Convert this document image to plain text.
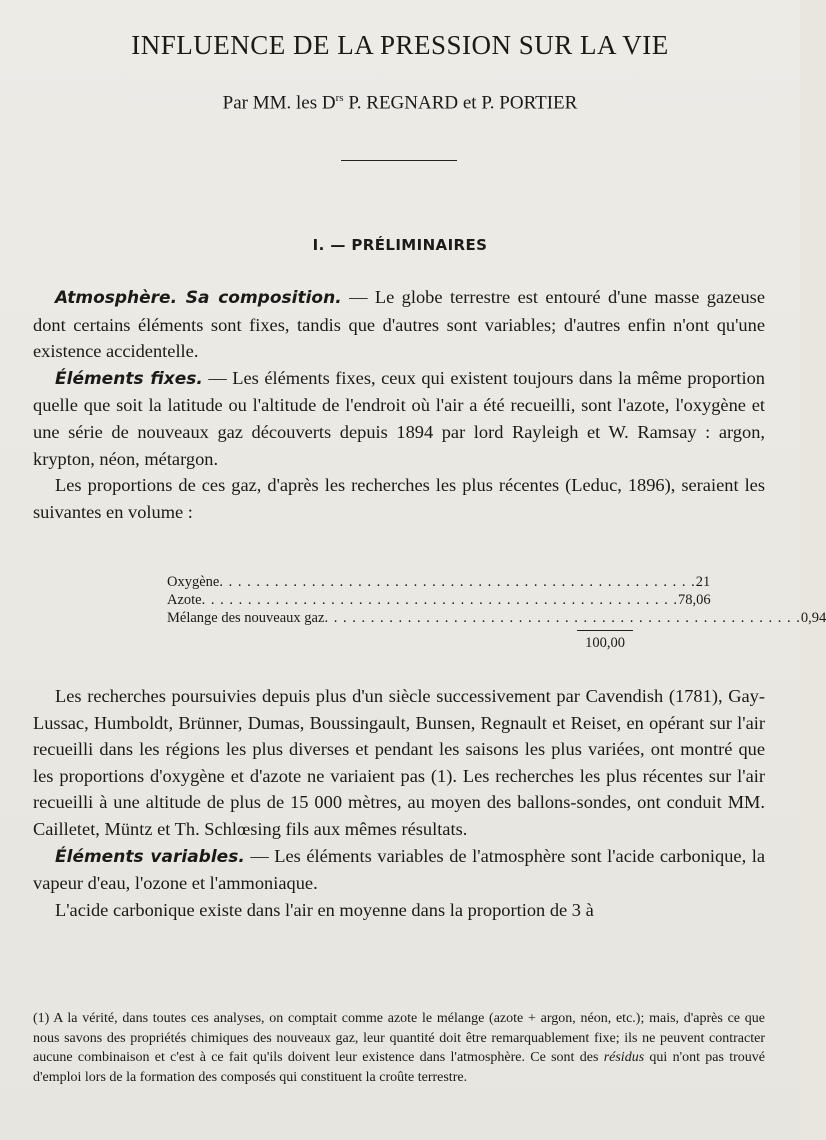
INFLUENCE DE LA PRESSION SUR LA VIE
Par MM. les $D^{rs}$ P. REGNARD et P. PORTIER
I. — PRÉLIMINAIRES

Atmosphère. Sa composition. — Le globe terrestre est entouré d'une masse gazeuse dont certains éléments sont fixes, tandis que d'autres sont variables; d'autres enfin n'ont qu'une existence accidentelle.

Éléments fixes. — Les éléments fixes, ceux qui existent toujours dans la même proportion quelle que soit la latitude ou l'altitude de l'endroit où l'air a été recueilli, sont l'azote, l'oxygène et une série de nouveaux gaz découverts depuis 1894 par lord Rayleigh et W. Ramsay : argon, krypton, néon, métargon.

Les proportions de ces gaz, d'après les recherches les plus récentes (Leduc, 1896), seraient les suivantes en volume :

Oxygène . . . . . . . . . . . . . . . . . . . . . . . . . . . . . . . . . . . . . . . . . . . . . . . . . . . . 21
Azote . . . . . . . . . . . . . . . . . . . . . . . . . . . . . . . . . . . . . . . . . . . . . . . . . . . . 78,06
Mélange des nouveaux gaz . . . . . . . . . . . . . . . . . . . . . . . . . . . . . . . . . . . . . . . . . . . . . . . . . . . . 0,94
100,00

Les recherches poursuivies depuis plus d'un siècle successivement par Cavendish (1781), Gay-Lussac, Humboldt, Brünner, Dumas, Boussingault, Bunsen, Regnault et Reiset, en opérant sur l'air recueilli dans les régions les plus diverses et pendant les saisons les plus variées, ont montré que les proportions d'oxygène et d'azote ne variaient pas (1). Les recherches les plus récentes sur l'air recueilli à une altitude de plus de 15 000 mètres, au moyen des ballons-sondes, ont conduit MM. Cailletet, Müntz et Th. Schlœsing fils aux mêmes résultats.

Éléments variables. — Les éléments variables de l'atmosphère sont l'acide carbonique, la vapeur d'eau, l'ozone et l'ammoniaque.

L'acide carbonique existe dans l'air en moyenne dans la proportion de 3 à

(1) A la vérité, dans toutes ces analyses, on comptait comme azote le mélange (azote + argon, néon, etc.); mais, d'après ce que nous savons des propriétés chimiques des nouveaux gaz, leur quantité doit être remarquablement fixe; ils ne peuvent contracter aucune combinaison et c'est à ce fait qu'ils doivent leur existence dans l'atmosphère. Ce sont des résidus qui n'ont pas trouvé d'emploi lors de la formation des composés qui constituent la croûte terrestre.
